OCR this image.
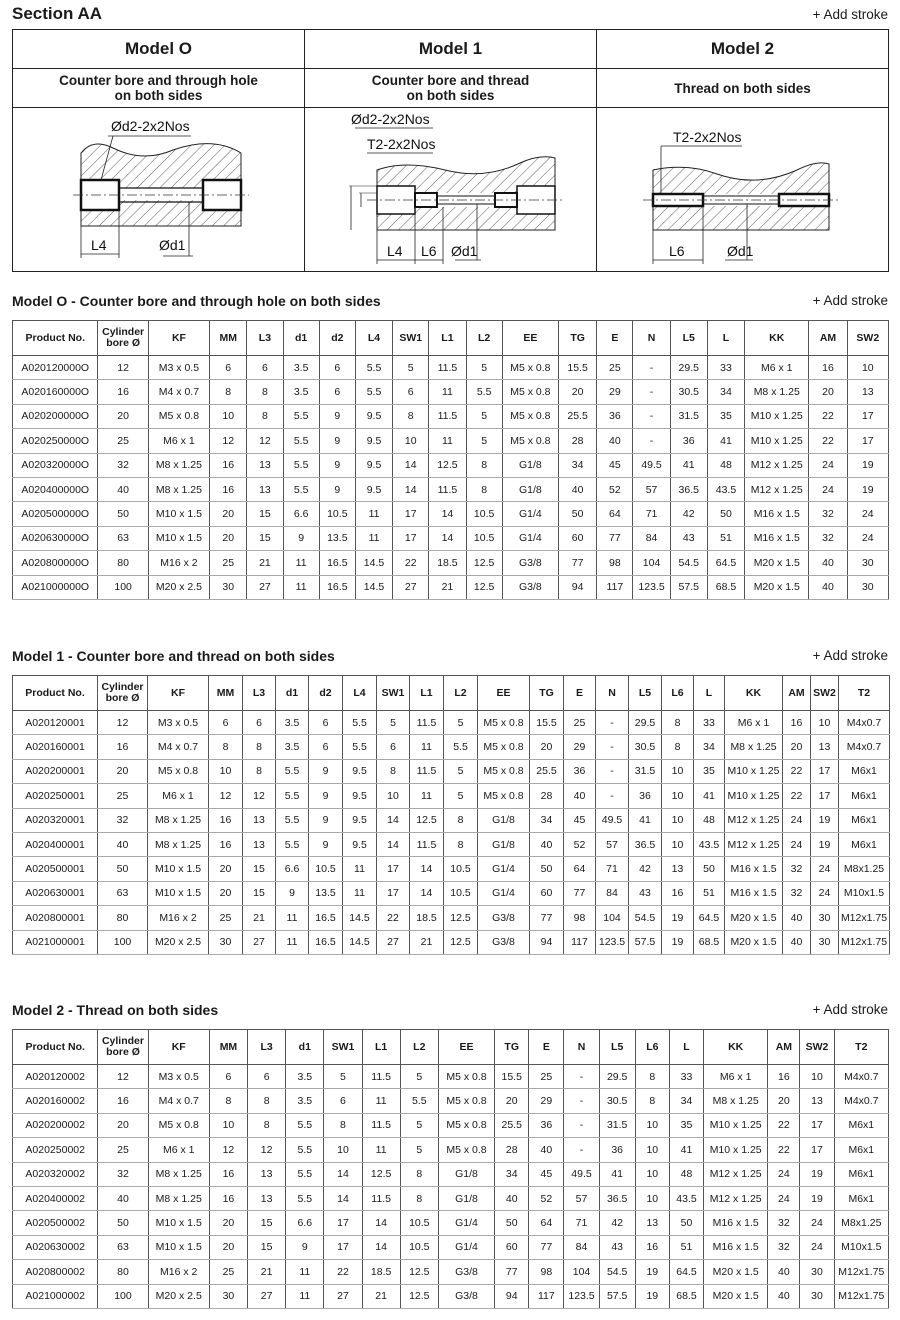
Section AA	+ Add stroke
Model O
Counter bore and through hole
on both sides
Ød2-2x2Nos
L4	Ød1
Model 1
Counter bore and thread
on both sides
Ød2-2x2Nos
T2-2x2Nos
L4 L6 Ød1
Model 2
Thread on both sides
T2-2x2Nos
L6	Ød1
Model O - Counter bore and through hole on both sides	+ Add stroke
Product No.	Cylinder bore Ø	KF	MM	L3	d1	d2	L4	SW1	L1	L2	EE	TG	E	N	L5	L	KK	AM	SW2
A020120000O	12	M3 x 0.5	6	6	3.5	6	5.5	5	11.5	5	M5 x 0.8	15.5	25	-	29.5	33	M6 x 1	16	10
A020160000O	16	M4 x 0.7	8	8	3.5	6	5.5	6	11	5.5	M5 x 0.8	20	29	-	30.5	34	M8 x 1.25	20	13
A020200000O	20	M5 x 0.8	10	8	5.5	9	9.5	8	11.5	5	M5 x 0.8	25.5	36	-	31.5	35	M10 x 1.25	22	17
A020250000O	25	M6 x 1	12	12	5.5	9	9.5	10	11	5	M5 x 0.8	28	40	-	36	41	M10 x 1.25	22	17
A020320000O	32	M8 x 1.25	16	13	5.5	9	9.5	14	12.5	8	G1/8	34	45	49.5	41	48	M12 x 1.25	24	19
A020400000O	40	M8 x 1.25	16	13	5.5	9	9.5	14	11.5	8	G1/8	40	52	57	36.5	43.5	M12 x 1.25	24	19
A020500000O	50	M10 x 1.5	20	15	6.6	10.5	11	17	14	10.5	G1/4	50	64	71	42	50	M16 x 1.5	32	24
A020630000O	63	M10 x 1.5	20	15	9	13.5	11	17	14	10.5	G1/4	60	77	84	43	51	M16 x 1.5	32	24
A020800000O	80	M16 x 2	25	21	11	16.5	14.5	22	18.5	12.5	G3/8	77	98	104	54.5	64.5	M20 x 1.5	40	30
A021000000O	100	M20 x 2.5	30	27	11	16.5	14.5	27	21	12.5	G3/8	94	117	123.5	57.5	68.5	M20 x 1.5	40	30
Model 1 - Counter bore and thread on both sides	+ Add stroke
Product No.	Cylinder bore Ø	KF	MM	L3	d1	d2	L4	SW1	L1	L2	EE	TG	E	N	L5	L6	L	KK	AM	SW2	T2
A020120001	12	M3 x 0.5	6	6	3.5	6	5.5	5	11.5	5	M5 x 0.8	15.5	25	-	29.5	8	33	M6 x 1	16	10	M4x0.7
A020160001	16	M4 x 0.7	8	8	3.5	6	5.5	6	11	5.5	M5 x 0.8	20	29	-	30.5	8	34	M8 x 1.25	20	13	M4x0.7
A020200001	20	M5 x 0.8	10	8	5.5	9	9.5	8	11.5	5	M5 x 0.8	25.5	36	-	31.5	10	35	M10 x 1.25	22	17	M6x1
A020250001	25	M6 x 1	12	12	5.5	9	9.5	10	11	5	M5 x 0.8	28	40	-	36	10	41	M10 x 1.25	22	17	M6x1
A020320001	32	M8 x 1.25	16	13	5.5	9	9.5	14	12.5	8	G1/8	34	45	49.5	41	10	48	M12 x 1.25	24	19	M6x1
A020400001	40	M8 x 1.25	16	13	5.5	9	9.5	14	11.5	8	G1/8	40	52	57	36.5	10	43.5	M12 x 1.25	24	19	M6x1
A020500001	50	M10 x 1.5	20	15	6.6	10.5	11	17	14	10.5	G1/4	50	64	71	42	13	50	M16 x 1.5	32	24	M8x1.25
A020630001	63	M10 x 1.5	20	15	9	13.5	11	17	14	10.5	G1/4	60	77	84	43	16	51	M16 x 1.5	32	24	M10x1.5
A020800001	80	M16 x 2	25	21	11	16.5	14.5	22	18.5	12.5	G3/8	77	98	104	54.5	19	64.5	M20 x 1.5	40	30	M12x1.75
A021000001	100	M20 x 2.5	30	27	11	16.5	14.5	27	21	12.5	G3/8	94	117	123.5	57.5	19	68.5	M20 x 1.5	40	30	M12x1.75
Model 2 - Thread on both sides	+ Add stroke
Product No.	Cylinder bore Ø	KF	MM	L3	d1	SW1	L1	L2	EE	TG	E	N	L5	L6	L	KK	AM	SW2	T2
A020120002	12	M3 x 0.5	6	6	3.5	5	11.5	5	M5 x 0.8	15.5	25	-	29.5	8	33	M6 x 1	16	10	M4x0.7
A020160002	16	M4 x 0.7	8	8	3.5	6	11	5.5	M5 x 0.8	20	29	-	30.5	8	34	M8 x 1.25	20	13	M4x0.7
A020200002	20	M5 x 0.8	10	8	5.5	8	11.5	5	M5 x 0.8	25.5	36	-	31.5	10	35	M10 x 1.25	22	17	M6x1
A020250002	25	M6 x 1	12	12	5.5	10	11	5	M5 x 0.8	28	40	-	36	10	41	M10 x 1.25	22	17	M6x1
A020320002	32	M8 x 1.25	16	13	5.5	14	12.5	8	G1/8	34	45	49.5	41	10	48	M12 x 1.25	24	19	M6x1
A020400002	40	M8 x 1.25	16	13	5.5	14	11.5	8	G1/8	40	52	57	36.5	10	43.5	M12 x 1.25	24	19	M6x1
A020500002	50	M10 x 1.5	20	15	6.6	17	14	10.5	G1/4	50	64	71	42	13	50	M16 x 1.5	32	24	M8x1.25
A020630002	63	M10 x 1.5	20	15	9	17	14	10.5	G1/4	60	77	84	43	16	51	M16 x 1.5	32	24	M10x1.5
A020800002	80	M16 x 2	25	21	11	22	18.5	12.5	G3/8	77	98	104	54.5	19	64.5	M20 x 1.5	40	30	M12x1.75
A021000002	100	M20 x 2.5	30	27	11	27	21	12.5	G3/8	94	117	123.5	57.5	19	68.5	M20 x 1.5	40	30	M12x1.75
